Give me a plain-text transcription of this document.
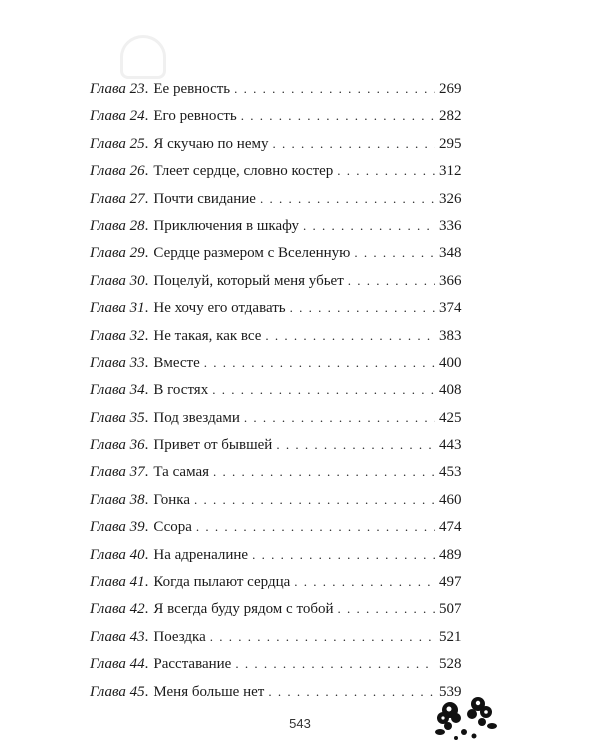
Глава 23 . Ее ревность . . .	269
Глава 24 . Его ревность . . .	282
Глава 25 . Я скучаю по нему . . .	295
Глава 26 . Тлеет сердце, словно костер . . .	312
Глава 27 . Почти свидание . . .	326
Глава 28 . Приключения в шкафу . . .	336
Глава 29 . Сердце размером с Вселенную . . .	348
Глава 30 . Поцелуй, который меня убьет . . .	366
Глава 31 . Не хочу его отдавать . . .	374
Глава 32 . Не такая, как все . . .	383
Глава 33 . Вместе . . .	400
Глава 34 . В гостях . . .	408
Глава 35 . Под звездами . . .	425
Глава 36 . Привет от бывшей . . .	443
Глава 37 . Та самая . . .	453
Глава 38 . Гонка . . .	460
Глава 39 . Ссора . . .	474
Глава 40 . На адреналине . . .	489
Глава 41 . Когда пылают сердца . . .	497
Глава 42 . Я всегда буду рядом с тобой . . .	507
Глава 43 . Поездка . . .	521
Глава 44 . Расставание . . .	528
Глава 45 . Меня больше нет . . .	539
543
